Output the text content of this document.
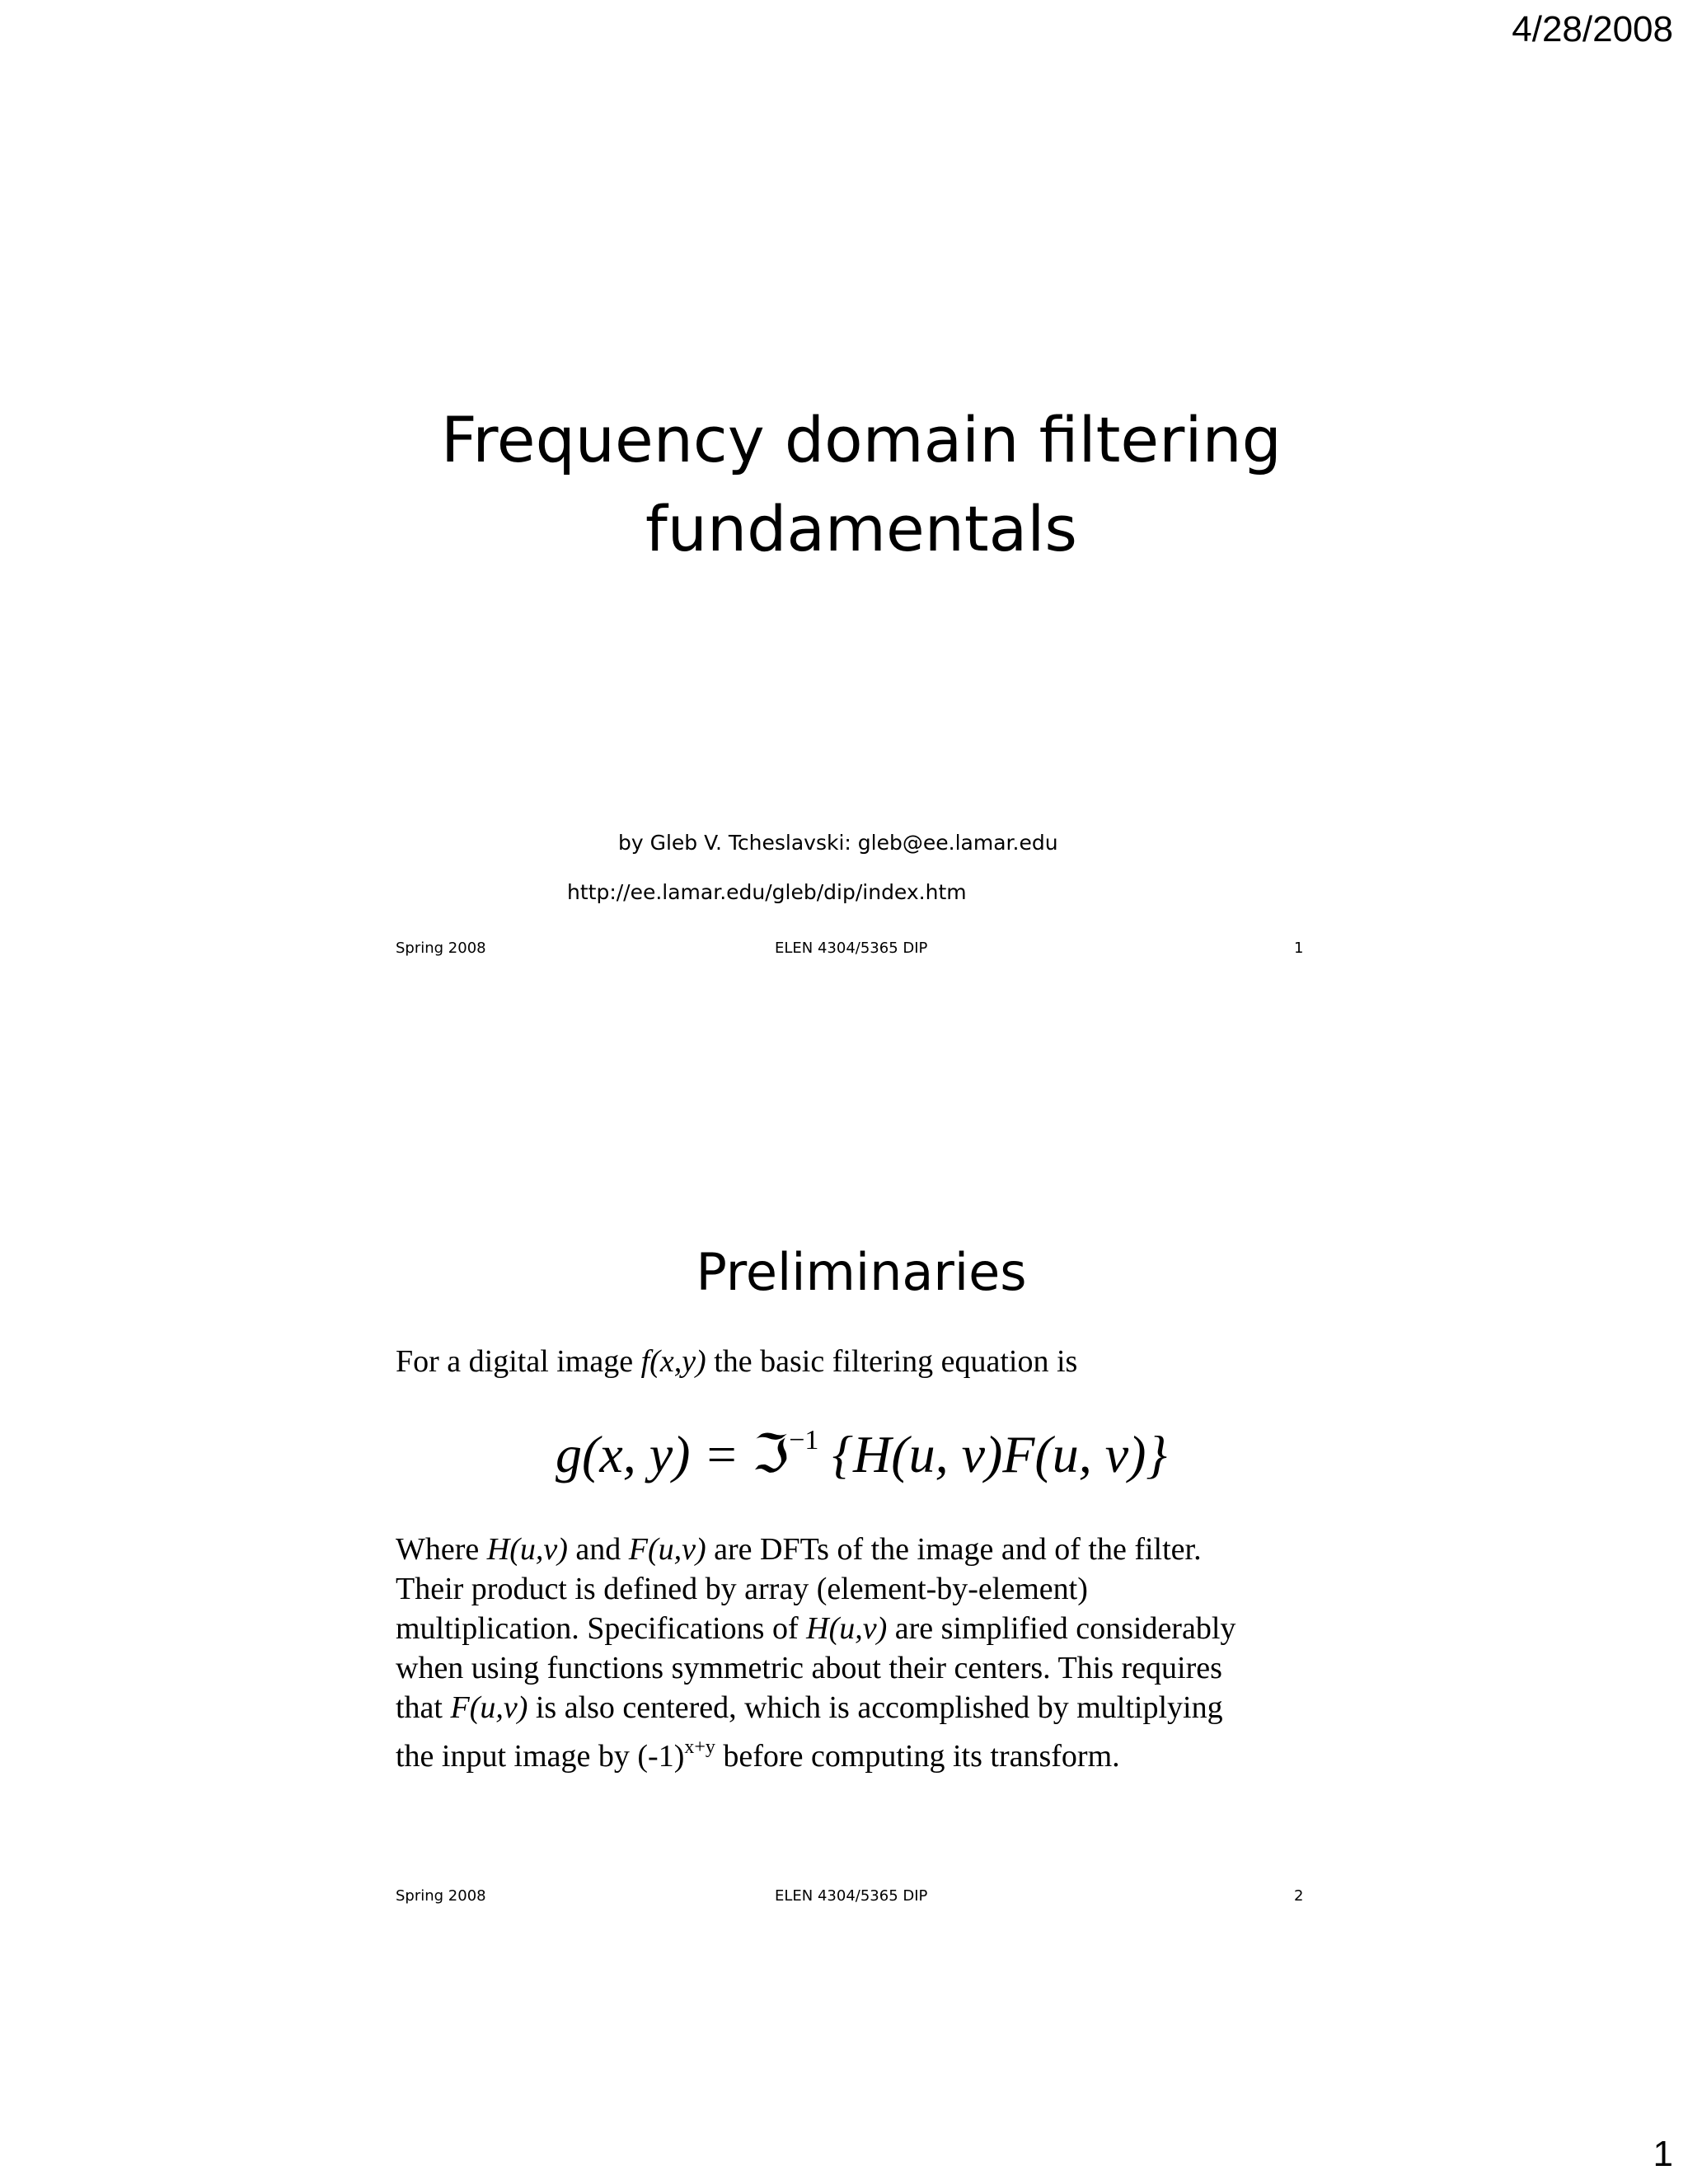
4/28/2008
Frequency domain filtering
fundamentals
by Gleb V. Tcheslavski: gleb@ee.lamar.edu
http://ee.lamar.edu/gleb/dip/index.htm
Spring 2008	ELEN 4304/5365 DIP	1
Preliminaries
For a digital image f(x,y) the basic filtering equation is
g(x, y) = ℑ$^{-1}$ {H(u, v)F(u, v)}
Where H(u,v) and F(u,v) are DFTs of the image and of the filter.
Their product is defined by array (element-by-element)
multiplication. Specifications of H(u,v) are simplified considerably
when using functions symmetric about their centers. This requires
that F(u,v) is also centered, which is accomplished by multiplying
the input image by $(-1)^{x+y}$ before computing its transform.
Spring 2008	ELEN 4304/5365 DIP	2
1
